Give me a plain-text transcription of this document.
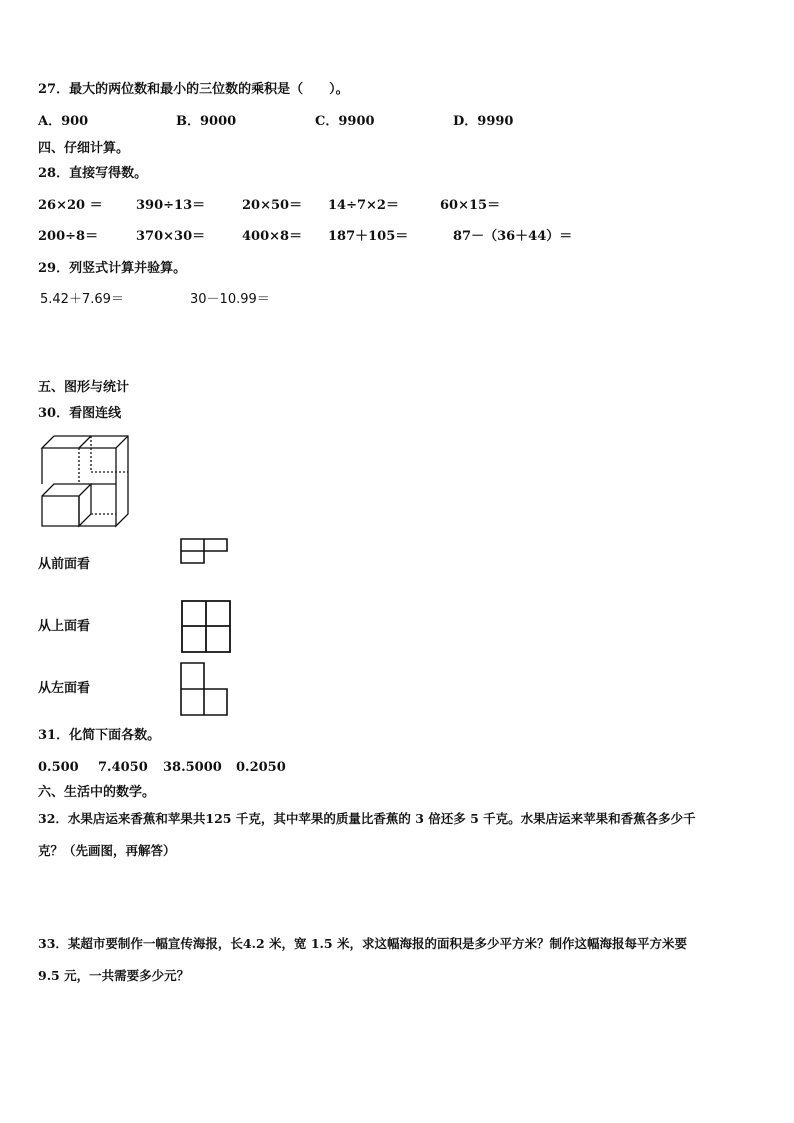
27．最大的两位数和最小的三位数的乘积是（　　）。
A．900	B．9000	C．9900	D．9990
四、仔细计算。
28．直接写得数。
26×20 ＝	390÷13＝	20×50＝ 14÷7×2＝	60×15＝
200÷8＝	370×30＝	400×8＝ 187＋105＝	87－（36＋44）＝
29．列竖式计算并验算。
5.42＋7.69＝	30－10.99＝
五、图形与统计
30．看图连线
从前面看
从上面看
从左面看
31．化简下面各数。
0.500 7.4050 38.5000 0.2050
六、生活中的数学。
32．水果店运来香蕉和苹果共125 千克，其中苹果的质量比香蕉的 3 倍还多 5 千克。水果店运来苹果和香蕉各多少千
克？（先画图，再解答）
33．某超市要制作一幅宣传海报，长4.2 米，宽 1.5 米，求这幅海报的面积是多少平方米？制作这幅海报每平方米要
9.5 元，一共需要多少元？
